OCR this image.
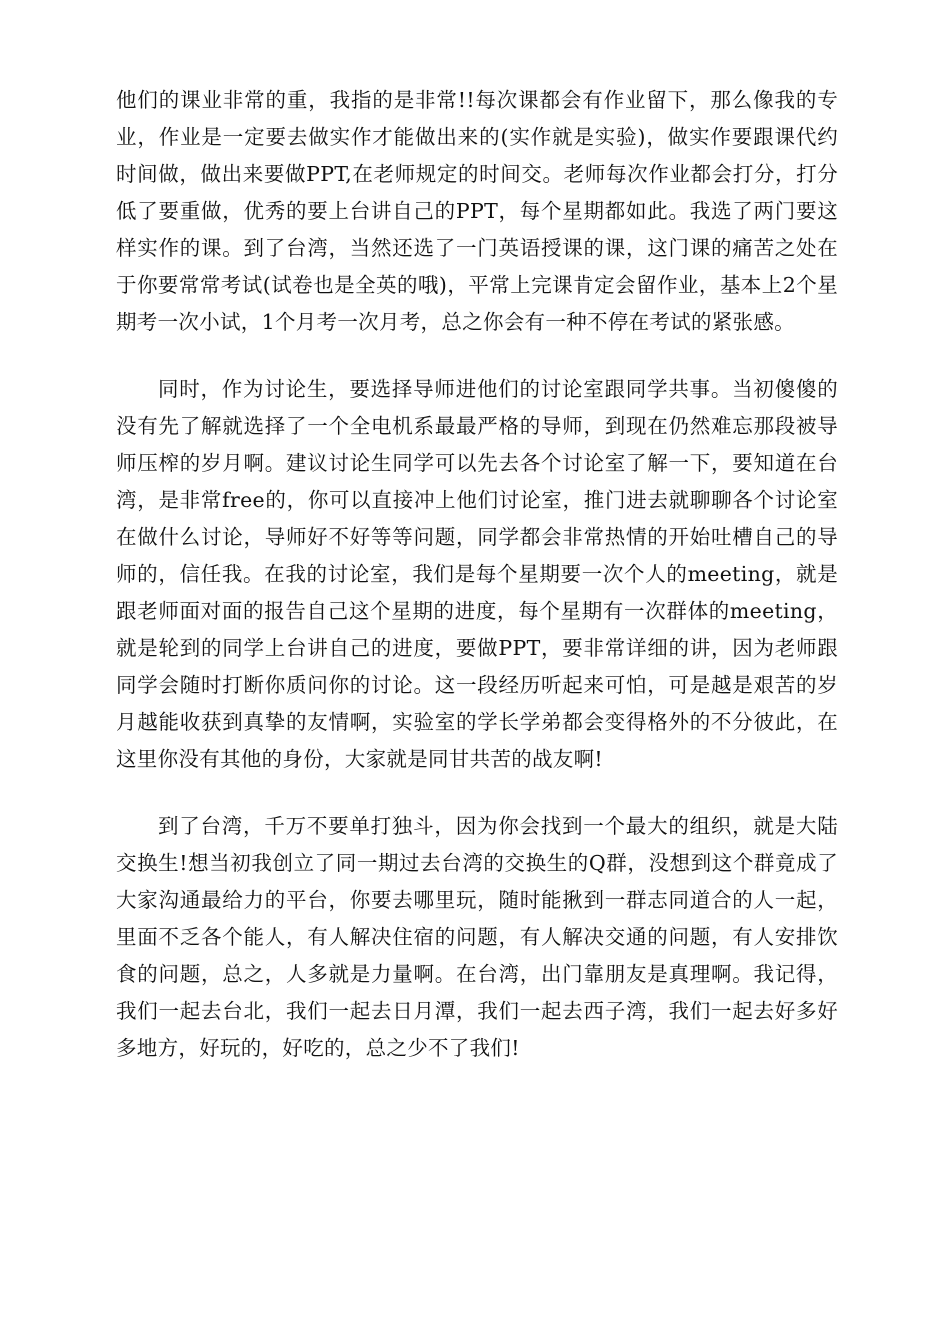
他们的课业非常的重，我指的是非常!!每次课都会有作业留下，那么像我的专业，作业是一定要去做实作才能做出来的(实作就是实验)，做实作要跟课代约时间做，做出来要做PPT,在老师规定的时间交。老师每次作业都会打分，打分低了要重做，优秀的要上台讲自己的PPT，每个星期都如此。我选了两门要这样实作的课。到了台湾，当然还选了一门英语授课的课，这门课的痛苦之处在于你要常常考试(试卷也是全英的哦)，平常上完课肯定会留作业，基本上2个星期考一次小试，1个月考一次月考，总之你会有一种不停在考试的紧张感。

同时，作为讨论生，要选择导师进他们的讨论室跟同学共事。当初傻傻的没有先了解就选择了一个全电机系最最严格的导师，到现在仍然难忘那段被导师压榨的岁月啊。建议讨论生同学可以先去各个讨论室了解一下，要知道在台湾，是非常free的，你可以直接冲上他们讨论室，推门进去就聊聊各个讨论室在做什么讨论，导师好不好等等问题，同学都会非常热情的开始吐槽自己的导师的，信任我。在我的讨论室，我们是每个星期要一次个人的meeting，就是跟老师面对面的报告自己这个星期的进度，每个星期有一次群体的meeting，就是轮到的同学上台讲自己的进度，要做PPT，要非常详细的讲，因为老师跟同学会随时打断你质问你的讨论。这一段经历听起来可怕，可是越是艰苦的岁月越能收获到真挚的友情啊，实验室的学长学弟都会变得格外的不分彼此，在这里你没有其他的身份，大家就是同甘共苦的战友啊!

到了台湾，千万不要单打独斗，因为你会找到一个最大的组织，就是大陆交换生!想当初我创立了同一期过去台湾的交换生的Q群，没想到这个群竟成了大家沟通最给力的平台，你要去哪里玩，随时能揪到一群志同道合的人一起，里面不乏各个能人，有人解决住宿的问题，有人解决交通的问题，有人安排饮食的问题，总之，人多就是力量啊。在台湾，出门靠朋友是真理啊。我记得，我们一起去台北，我们一起去日月潭，我们一起去西子湾，我们一起去好多好多地方，好玩的，好吃的，总之少不了我们!
